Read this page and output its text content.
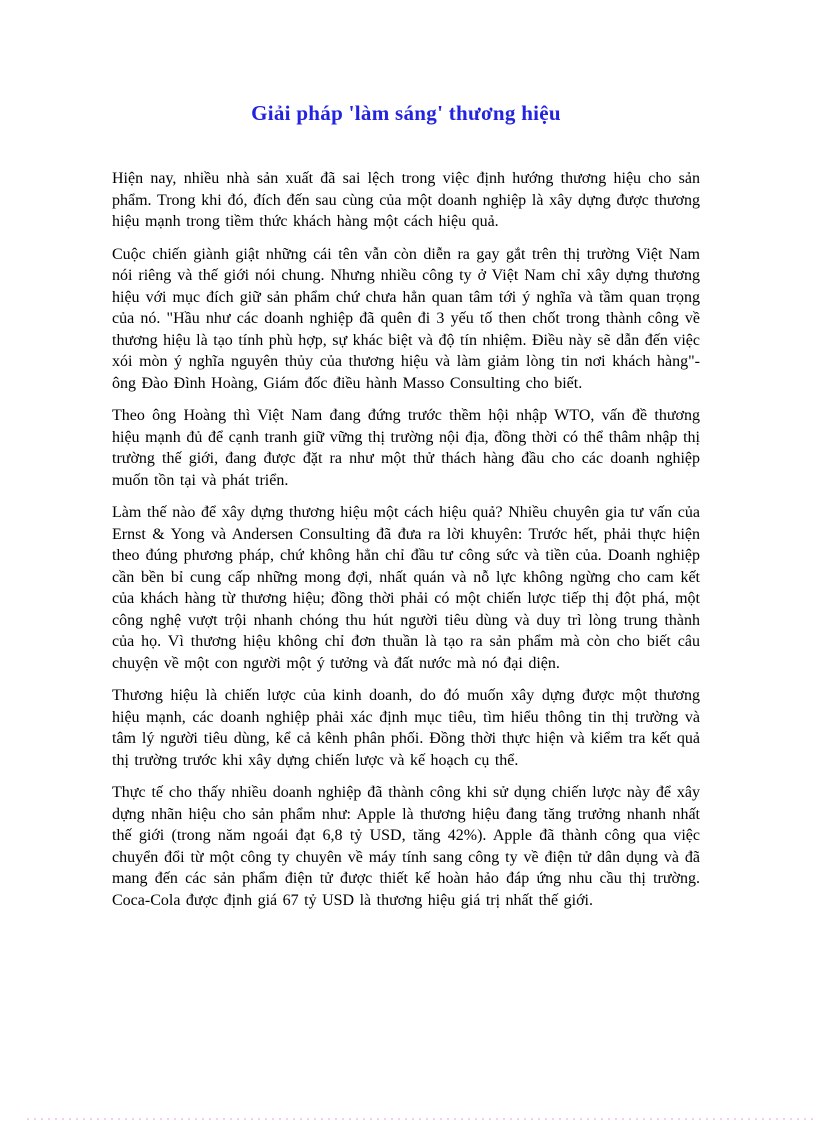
Giải pháp 'làm sáng' thương hiệu

Hiện nay, nhiều nhà sản xuất đã sai lệch trong việc định hướng thương hiệu cho sản phẩm. Trong khi đó, đích đến sau cùng của một doanh nghiệp là xây dựng được thương hiệu mạnh trong tiềm thức khách hàng một cách hiệu quả.

Cuộc chiến giành giật những cái tên vẫn còn diễn ra gay gắt trên thị trường Việt Nam nói riêng và thế giới nói chung. Nhưng nhiều công ty ở Việt Nam chỉ xây dựng thương hiệu với mục đích giữ sản phẩm chứ chưa hẳn quan tâm tới ý nghĩa và tầm quan trọng của nó. "Hầu như các doanh nghiệp đã quên đi 3 yếu tố then chốt trong thành công về thương hiệu là tạo tính phù hợp, sự khác biệt và độ tín nhiệm. Điều này sẽ dẫn đến việc xói mòn ý nghĩa nguyên thủy của thương hiệu và làm giảm lòng tin nơi khách hàng"- ông Đào Đình Hoàng, Giám đốc điều hành Masso Consulting cho biết.

Theo ông Hoàng thì Việt Nam đang đứng trước thềm hội nhập WTO, vấn đề thương hiệu mạnh đủ để cạnh tranh giữ vững thị trường nội địa, đồng thời có thể thâm nhập thị trường thế giới, đang được đặt ra như một thử thách hàng đầu cho các doanh nghiệp muốn tồn tại và phát triển.

Làm thế nào để xây dựng thương hiệu một cách hiệu quả? Nhiều chuyên gia tư vấn của Ernst & Yong và Andersen Consulting đã đưa ra lời khuyên: Trước hết, phải thực hiện theo đúng phương pháp, chứ không hẳn chỉ đầu tư công sức và tiền của. Doanh nghiệp cần bền bỉ cung cấp những mong đợi, nhất quán và nỗ lực không ngừng cho cam kết của khách hàng từ thương hiệu; đồng thời phải có một chiến lược tiếp thị đột phá, một công nghệ vượt trội nhanh chóng thu hút người tiêu dùng và duy trì lòng trung thành của họ. Vì thương hiệu không chỉ đơn thuần là tạo ra sản phẩm mà còn cho biết câu chuyện về một con người một ý tưởng và đất nước mà nó đại diện.

Thương hiệu là chiến lược của kinh doanh, do đó muốn xây dựng được một thương hiệu mạnh, các doanh nghiệp phải xác định mục tiêu, tìm hiểu thông tin thị trường và tâm lý người tiêu dùng, kể cả kênh phân phối. Đồng thời thực hiện và kiểm tra kết quả thị trường trước khi xây dựng chiến lược và kế hoạch cụ thể.

Thực tế cho thấy nhiều doanh nghiệp đã thành công khi sử dụng chiến lược này để xây dựng nhãn hiệu cho sản phẩm như: Apple là thương hiệu đang tăng trưởng nhanh nhất thế giới (trong năm ngoái đạt 6,8 tỷ USD, tăng 42%). Apple đã thành công qua việc chuyển đổi từ một công ty chuyên về máy tính sang công ty về điện tử dân dụng và đã mang đến các sản phẩm điện tử được thiết kế hoàn hảo đáp ứng nhu cầu thị trường. Coca-Cola được định giá 67 tỷ USD là thương hiệu giá trị nhất thế giới.
